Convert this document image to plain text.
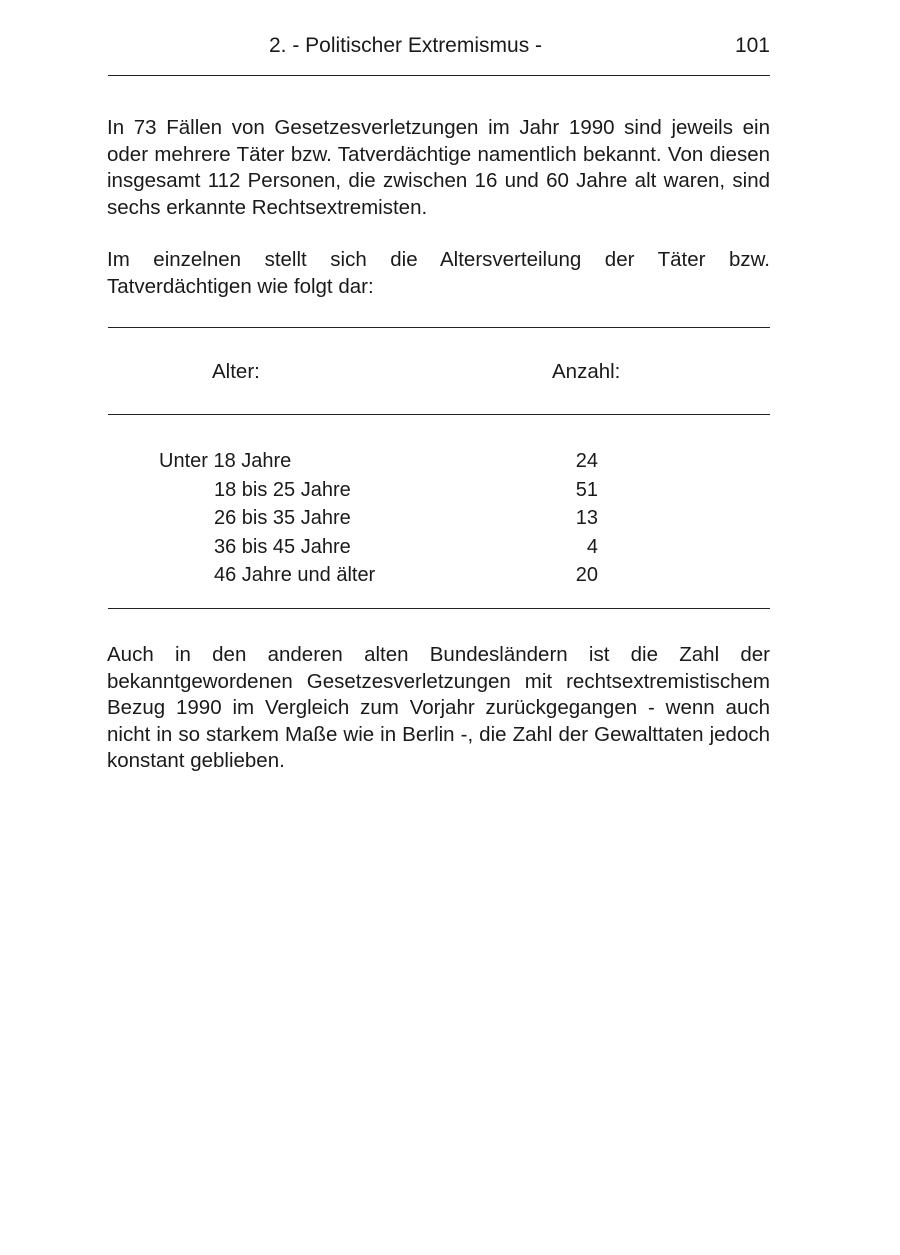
2. - Politischer Extremismus -	101

In 73 Fällen von Gesetzesverletzungen im Jahr 1990 sind jeweils ein oder mehrere Täter bzw. Tatverdächtige namentlich bekannt. Von diesen insgesamt 112 Personen, die zwischen 16 und 60 Jahre alt waren, sind sechs erkannte Rechtsextremisten.

Im einzelnen stellt sich die Altersverteilung der Täter bzw. Tatverdächtigen wie folgt dar:

Alter:	Anzahl:
Unter 18 Jahre	24
18 bis 25 Jahre	51
26 bis 35 Jahre	13
36 bis 45 Jahre	4
46 Jahre und älter	20

Auch in den anderen alten Bundesländern ist die Zahl der bekanntgewordenen Gesetzesverletzungen mit rechtsextremistischem Bezug 1990 im Vergleich zum Vorjahr zurückgegangen - wenn auch nicht in so starkem Maße wie in Berlin -, die Zahl der Gewalttaten jedoch konstant geblieben.
